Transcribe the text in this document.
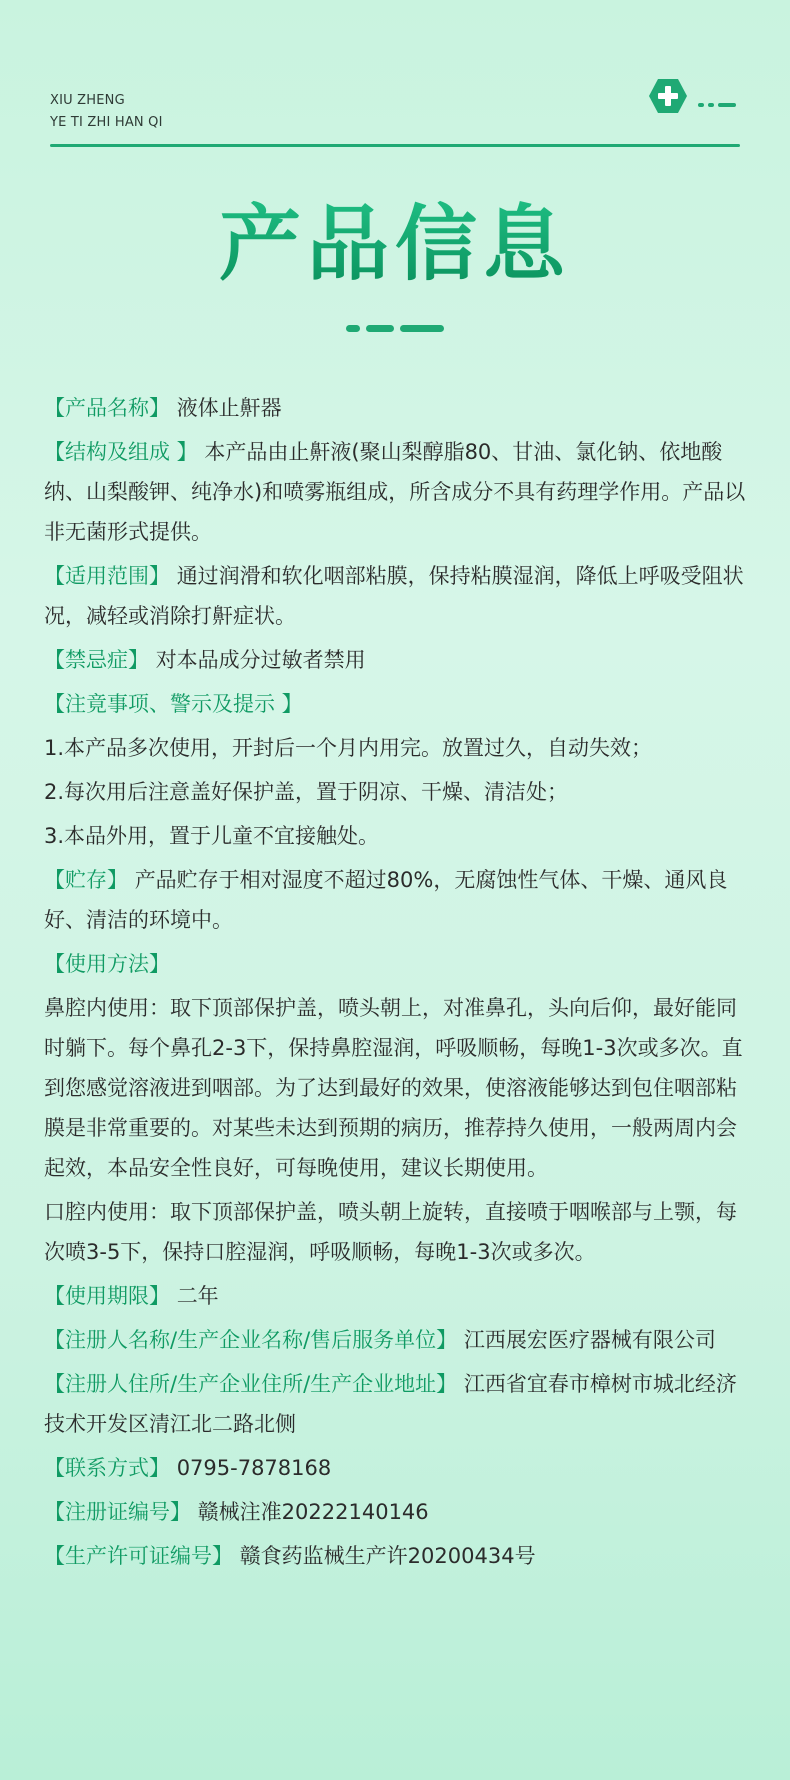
XIU ZHENG
YE TI ZHI HAN QI
产品信息

【产品名称】 液体止鼾器

【结构及组成 】 本产品由止鼾液(聚山梨醇脂80、甘油、氯化钠、依地酸纳、山梨酸钾、纯净水)和喷雾瓶组成，所含成分不具有药理学作用。产品以非无菌形式提供。

【适用范围】 通过润滑和软化咽部粘膜，保持粘膜湿润，降低上呼吸受阻状况，减轻或消除打鼾症状。

【禁忌症】 对本品成分过敏者禁用

【注竟事项、警示及提示 】

1.本产品多次使用，开封后一个月内用完。放置过久，自动失效；

2.每次用后注意盖好保护盖，置于阴凉、干燥、清洁处；

3.本品外用，置于儿童不宜接触处。

【贮存】 产品贮存于相对湿度不超过80%，无腐蚀性气体、干燥、通风良好、清洁的环境中。

【使用方法】

鼻腔内使用：取下顶部保护盖，喷头朝上，对准鼻孔，头向后仰，最好能同时躺下。每个鼻孔2-3下，保持鼻腔湿润，呼吸顺畅，每晚1-3次或多次。直到您感觉溶液进到咽部。为了达到最好的效果，使溶液能够达到包住咽部粘膜是非常重要的。对某些未达到预期的病历，推荐持久使用，一般两周内会起效，本品安全性良好，可每晚使用，建议长期使用。

口腔内使用：取下顶部保护盖，喷头朝上旋转，直接喷于咽喉部与上颚，每次喷3-5下，保持口腔湿润，呼吸顺畅，每晚1-3次或多次。

【使用期限】 二年

【注册人名称/生产企业名称/售后服务单位】 江西展宏医疗器械有限公司

【注册人住所/生产企业住所/生产企业地址】 江西省宜春市樟树市城北经济技术开发区清江北二路北侧

【联系方式】 0795-7878168

【注册证编号】 赣械注准20222140146

【生产许可证编号】 赣食药监械生产许20200434号
